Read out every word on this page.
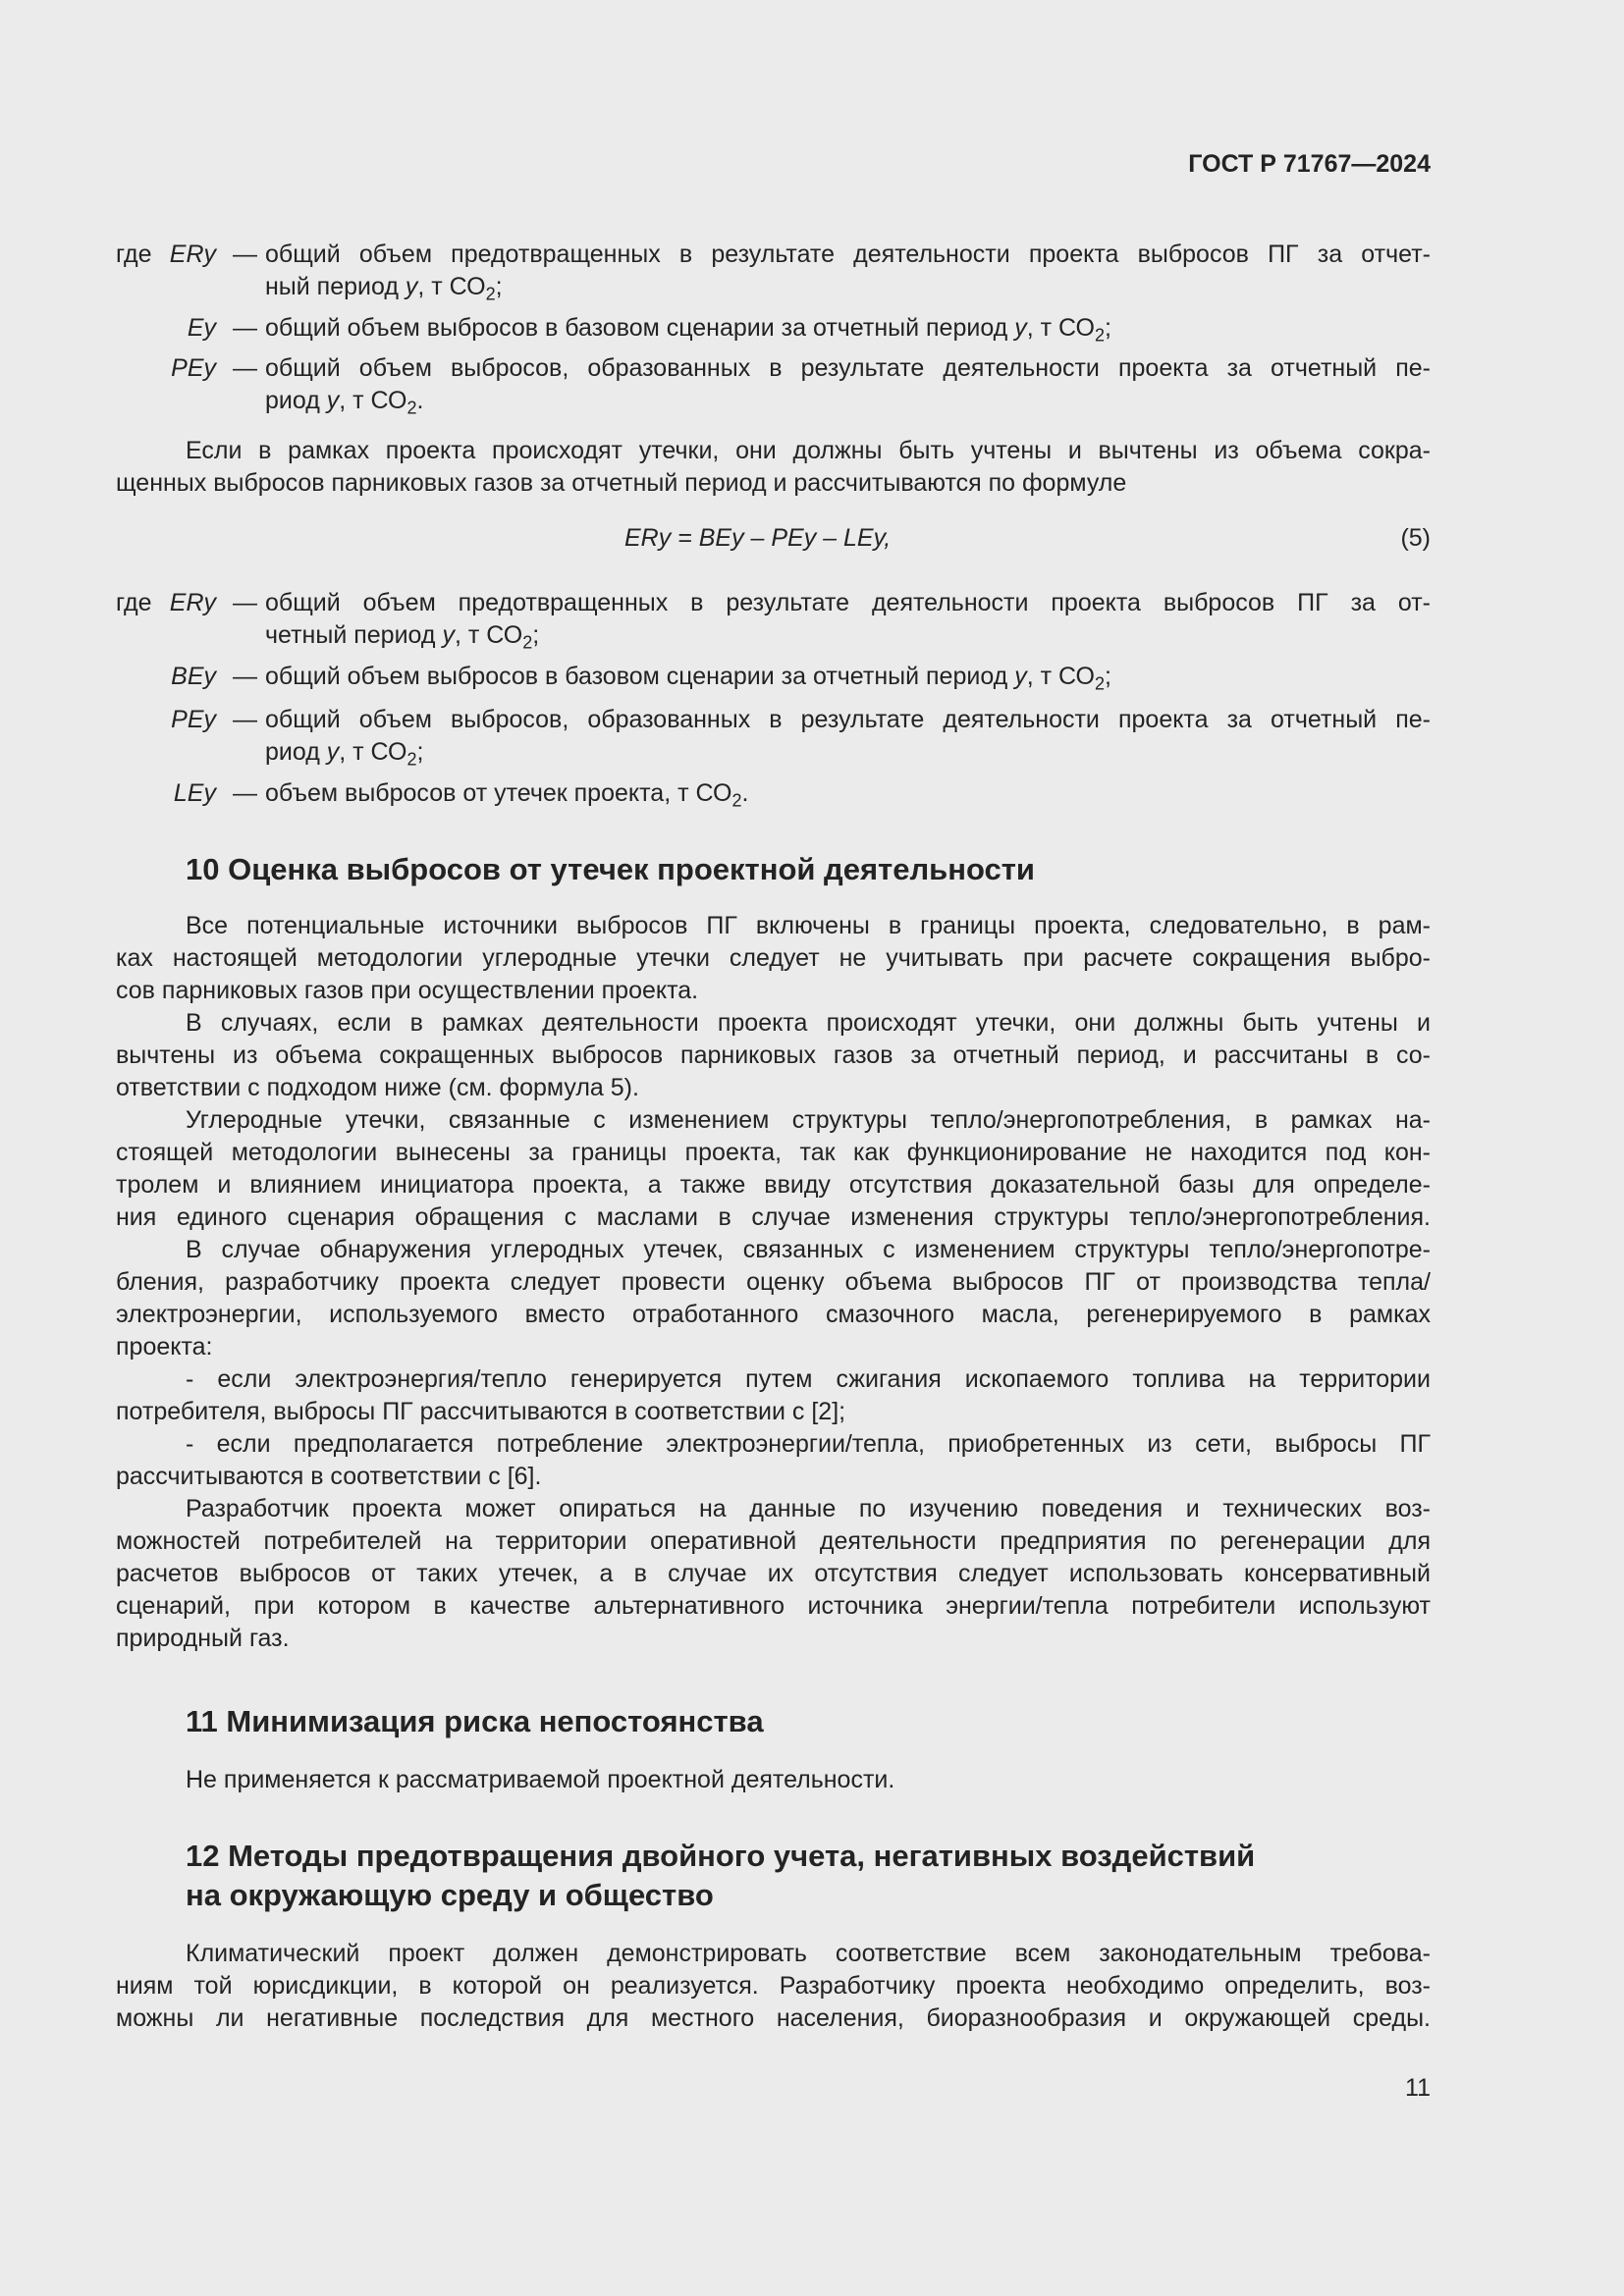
ГОСТ Р 71767—2024
где ERy — общий объем предотвращенных в результате деятельности проекта выбросов ПГ за отчет-
ный период y, т $СО_2$;
Ey — общий объем выбросов в базовом сценарии за отчетный период y, т $СО_2$;
PEy — общий объем выбросов, образованных в результате деятельности проекта за отчетный пе-
риод y, т $СО_2$.
Если в рамках проекта происходят утечки, они должны быть учтены и вычтены из объема сокра-
щенных выбросов парниковых газов за отчетный период и рассчитываются по формуле
ERy = BEy – PEy – LEy,	(5)
где ERy — общий объем предотвращенных в результате деятельности проекта выбросов ПГ за от-
четный период y, т $СО_2$;
BEy — общий объем выбросов в базовом сценарии за отчетный период y, т $СО_2$;
PEy — общий объем выбросов, образованных в результате деятельности проекта за отчетный пе-
риод y, т $СО_2$;
LEy — объем выбросов от утечек проекта, т $СО_2$.
10 Оценка выбросов от утечек проектной деятельности
Все потенциальные источники выбросов ПГ включены в границы проекта, следовательно, в рам-
ках настоящей методологии углеродные утечки следует не учитывать при расчете сокращения выбро-
сов парниковых газов при осуществлении проекта.
В случаях, если в рамках деятельности проекта происходят утечки, они должны быть учтены и
вычтены из объема сокращенных выбросов парниковых газов за отчетный период, и рассчитаны в со-
ответствии с подходом ниже (см. формула 5).
Углеродные утечки, связанные с изменением структуры тепло/энергопотребления, в рамках на-
стоящей методологии вынесены за границы проекта, так как функционирование не находится под кон-
тролем и влиянием инициатора проекта, а также ввиду отсутствия доказательной базы для определе-
ния единого сценария обращения с маслами в случае изменения структуры тепло/энергопотребления.
В случае обнаружения углеродных утечек, связанных с изменением структуры тепло/энергопотре-
бления, разработчику проекта следует провести оценку объема выбросов ПГ от производства тепла/
электроэнергии, используемого вместо отработанного смазочного масла, регенерируемого в рамках
проекта:
- если электроэнергия/тепло генерируется путем сжигания ископаемого топлива на территории
потребителя, выбросы ПГ рассчитываются в соответствии с [2];
- если предполагается потребление электроэнергии/тепла, приобретенных из сети, выбросы ПГ
рассчитываются в соответствии с [6].
Разработчик проекта может опираться на данные по изучению поведения и технических воз-
можностей потребителей на территории оперативной деятельности предприятия по регенерации для
расчетов выбросов от таких утечек, а в случае их отсутствия следует использовать консервативный
сценарий, при котором в качестве альтернативного источника энергии/тепла потребители используют
природный газ.
11 Минимизация риска непостоянства
Не применяется к рассматриваемой проектной деятельности.
12 Методы предотвращения двойного учета, негативных воздействий
на окружающую среду и общество
Климатический проект должен демонстрировать соответствие всем законодательным требова-
ниям той юрисдикции, в которой он реализуется. Разработчику проекта необходимо определить, воз-
можны ли негативные последствия для местного населения, биоразнообразия и окружающей среды.
11
